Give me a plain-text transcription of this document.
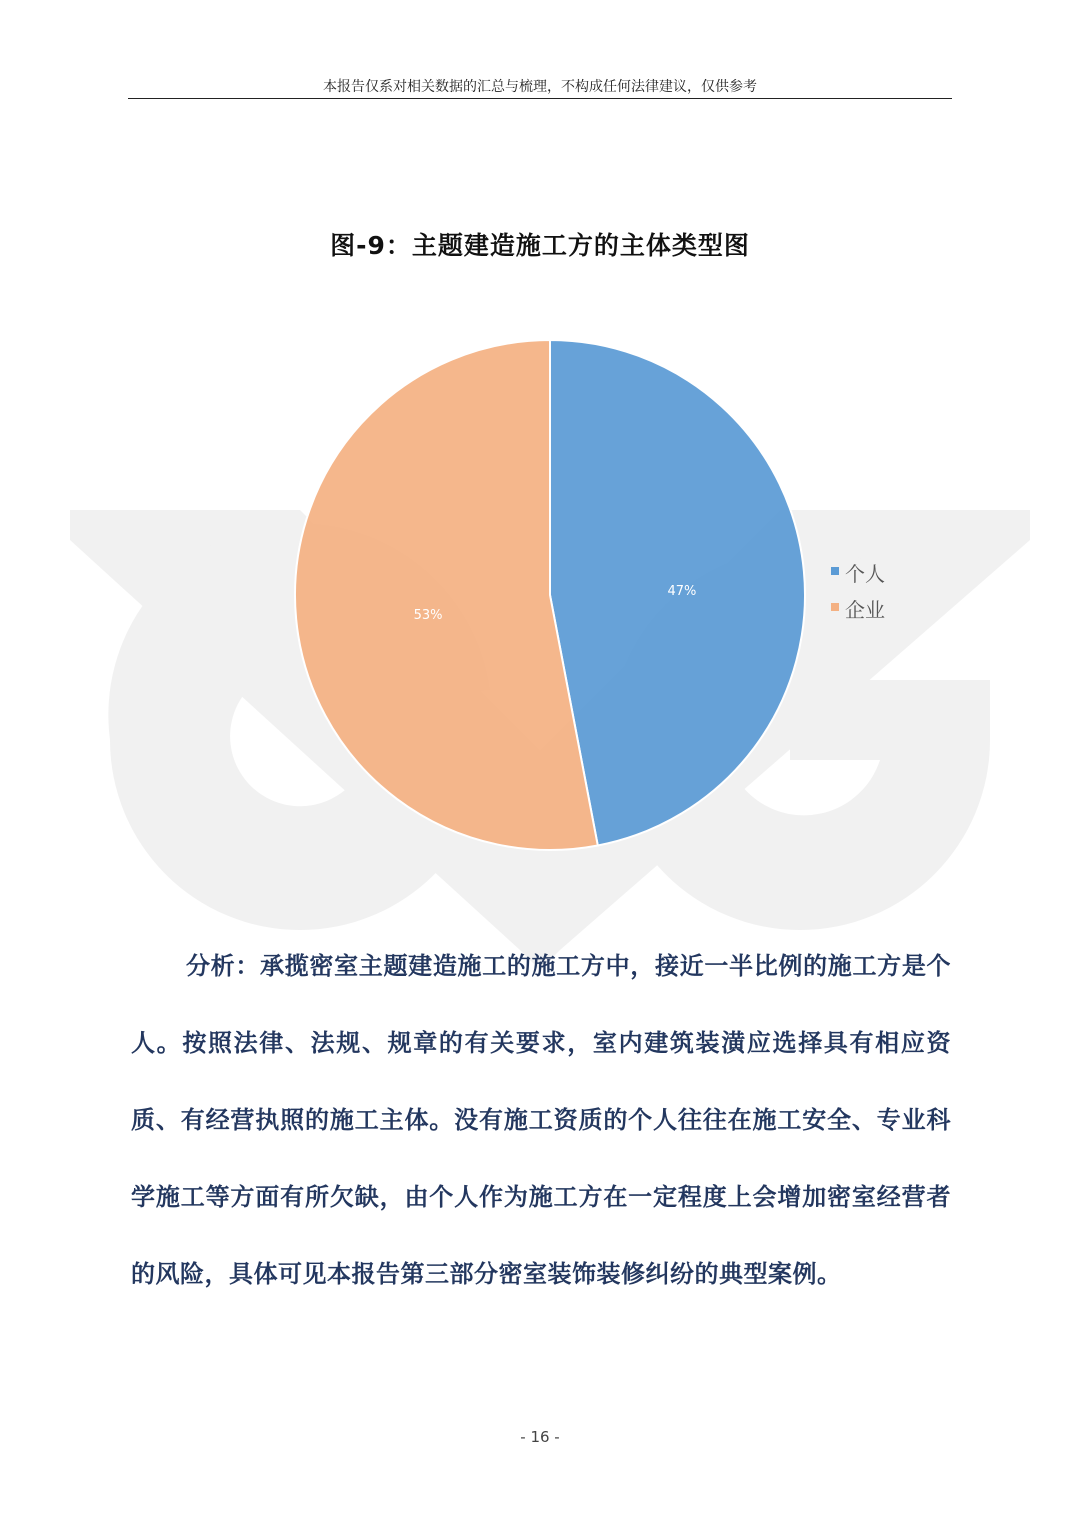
本报告仅系对相关数据的汇总与梳理，不构成任何法律建议，仅供参考
图-9：主题建造施工方的主体类型图
47%
53%
个人
企业
分析：承揽密室主题建造施工的施工方中，接近一半比例的施工方是个人。按照法律、法规、规章的有关要求，室内建筑装潢应选择具有相应资质、有经营执照的施工主体。没有施工资质的个人往往在施工安全、专业科学施工等方面有所欠缺，由个人作为施工方在一定程度上会增加密室经营者的风险，具体可见本报告第三部分密室装饰装修纠纷的典型案例。
- 16 -
